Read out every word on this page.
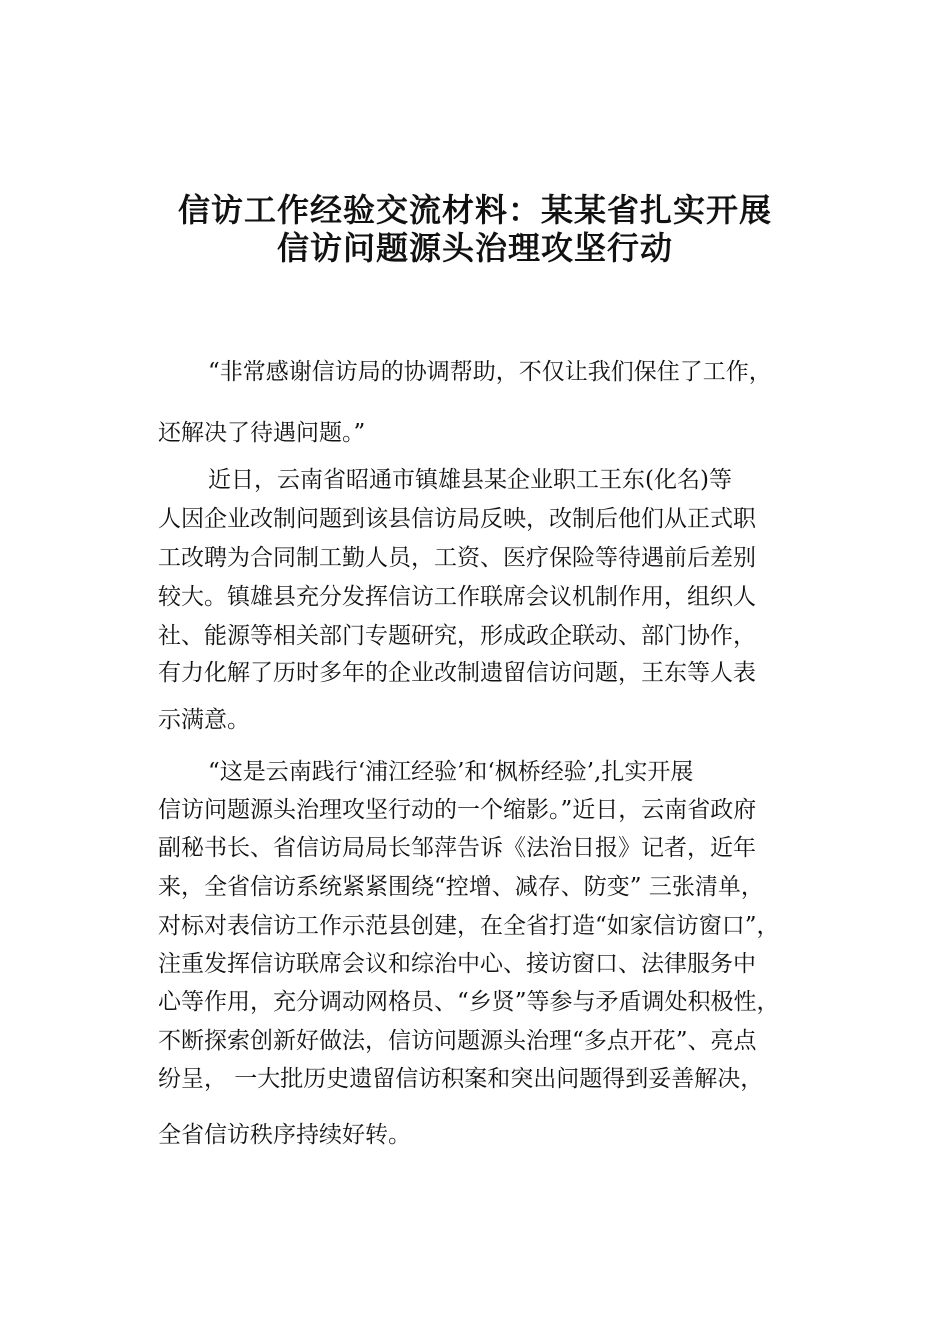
信访工作经验交流材料：某某省扎实开展
信访问题源头治理攻坚行动
“非常感谢信访局的协调帮助，不仅让我们保住了工作，
还解决了待遇问题。”
近日，云南省昭通市镇雄县某企业职工王东(化名)等
人因企业改制问题到该县信访局反映，改制后他们从正式职
工改聘为合同制工勤人员，工资、医疗保险等待遇前后差别
较大。镇雄县充分发挥信访工作联席会议机制作用，组织人
社、能源等相关部门专题研究，形成政企联动、部门协作，
有力化解了历时多年的企业改制遗留信访问题，王东等人表
示满意。
“这是云南践行‘浦江经验’和‘枫桥经验’,扎实开展
信访问题源头治理攻坚行动的一个缩影。”近日，云南省政府
副秘书长、省信访局局长邹萍告诉《法治日报》记者，近年
来，全省信访系统紧紧围绕“控增、减存、防变” 三张清单，
对标对表信访工作示范县创建，在全省打造“如家信访窗口”，
注重发挥信访联席会议和综治中心、接访窗口、法律服务中
心等作用，充分调动网格员、“乡贤”等参与矛盾调处积极性，
不断探索创新好做法，信访问题源头治理“多点开花”、亮点
纷呈， 一大批历史遗留信访积案和突出问题得到妥善解决，
全省信访秩序持续好转。
